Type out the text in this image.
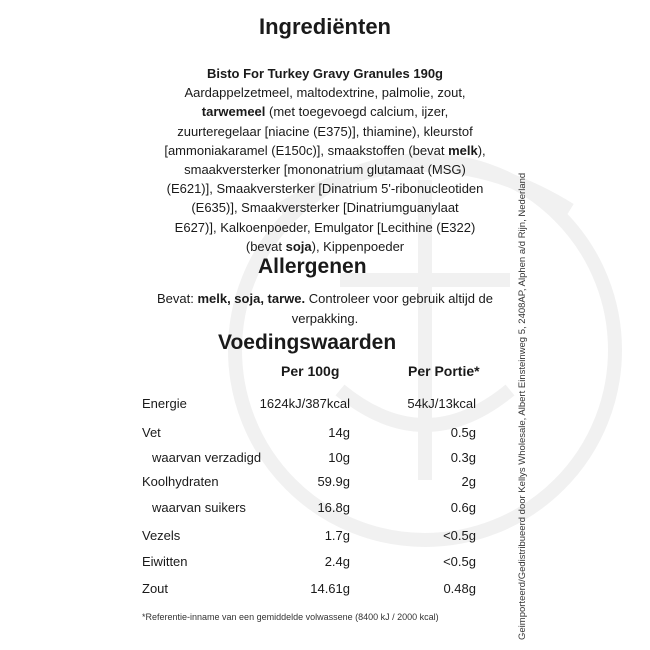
Ingrediënten
Bisto For Turkey Gravy Granules 190g
Aardappelzetmeel, maltodextrine, palmolie, zout,
tarwemeel (met toegevoegd calcium, ijzer,
zuurteregelaar [niacine (E375)], thiamine), kleurstof
[ammoniakaramel (E150c)], smaakstoffen (bevat melk),
smaakversterker [mononatrium glutamaat (MSG)
(E621)], Smaakversterker [Dinatrium 5'-ribonucleotiden
(E635)], Smaakversterker [Dinatriumguanylaat
E627)], Kalkoenpoeder, Emulgator [Lecithine (E322)
(bevat soja), Kippenpoeder
Allergenen
Bevat: melk, soja, tarwe. Controleer voor gebruik altijd de verpakking.
Voedingswaarden
Per 100g	Per Portie*
Energie	1624kJ/387kcal	54kJ/13kcal
Vet	14g	0.5g
waarvan verzadigd	10g	0.3g
Koolhydraten	59.9g	2g
waarvan suikers	16.8g	0.6g
Vezels	1.7g	<0.5g
Eiwitten	2.4g	<0.5g
Zout	14.61g	0.48g
*Referentie-inname van een gemiddelde volwassene (8400 kJ / 2000 kcal)	Geimporteerd/Gedistribueerd door Kellys Wholesale, Albert Einsteinweg 5, 2408AP, Alphen a/d Rijn, Nederland
